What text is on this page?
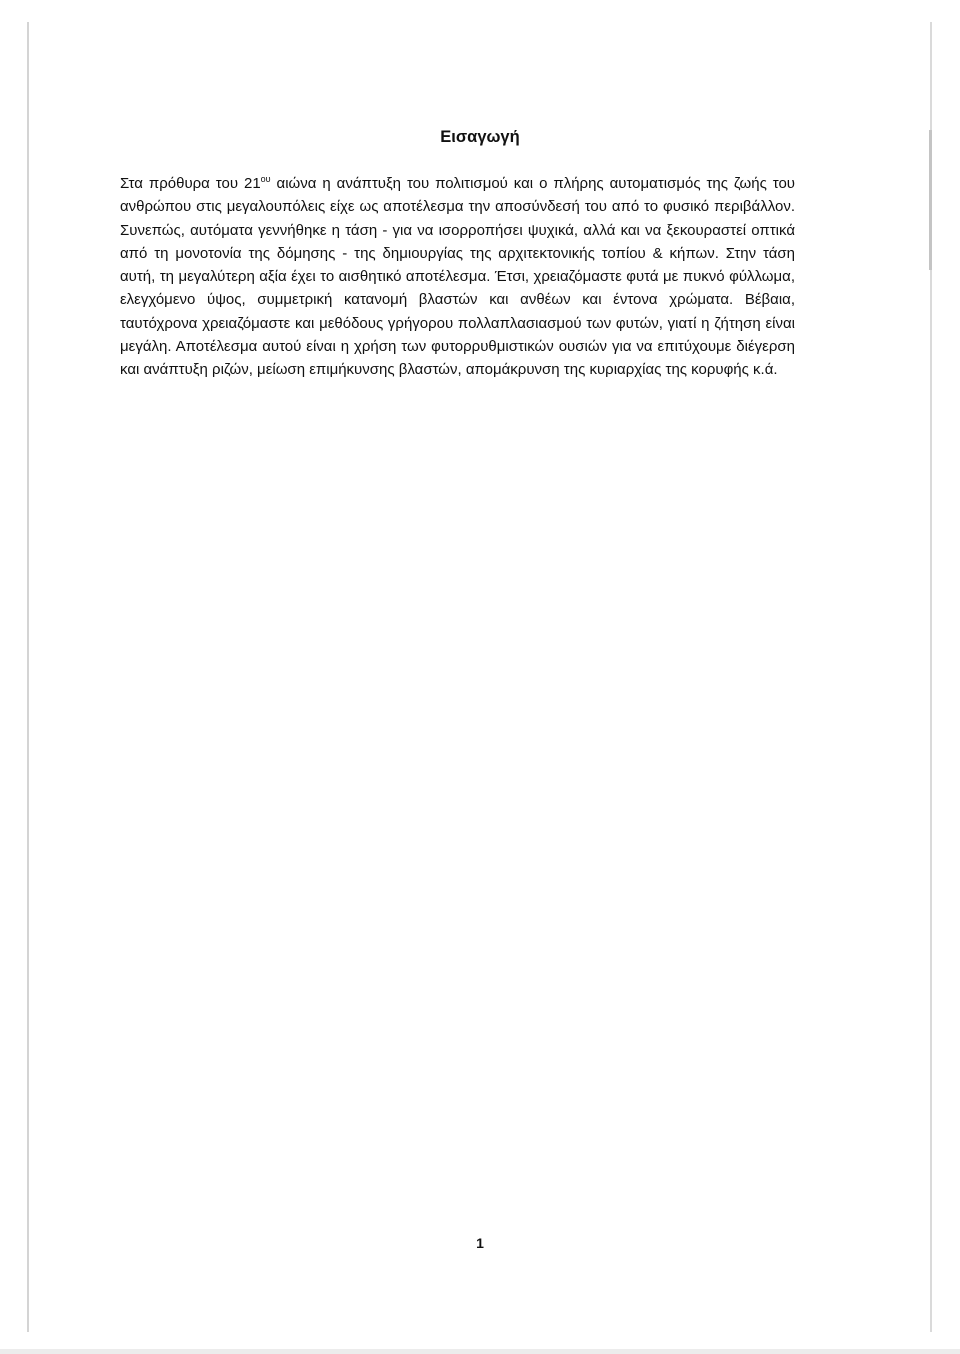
Εισαγωγή

Στα πρόθυρα του $21^{o\upsilon}$ αιώνα η ανάπτυξη του πολιτισμού και ο πλήρης αυτοματισμός της ζωής του ανθρώπου στις μεγαλουπόλεις είχε ως αποτέλεσμα την αποσύνδεσή του από το φυσικό περιβάλλον. Συνεπώς, αυτόματα γεννήθηκε η τάση - για να ισορροπήσει ψυχικά, αλλά και να ξεκουραστεί οπτικά από τη μονοτονία της δόμησης - της δημιουργίας της αρχιτεκτονικής τοπίου & κήπων. Στην τάση αυτή, τη μεγαλύτερη αξία έχει το αισθητικό αποτέλεσμα. Έτσι, χρειαζόμαστε φυτά με πυκνό φύλλωμα, ελεγχόμενο ύψος, συμμετρική κατανομή βλαστών και ανθέων και έντονα χρώματα. Βέβαια, ταυτόχρονα χρειαζόμαστε και μεθόδους γρήγορου πολλαπλασιασμού των φυτών, γιατί η ζήτηση είναι μεγάλη. Αποτέλεσμα αυτού είναι η χρήση των φυτορρυθμιστικών ουσιών για να επιτύχουμε διέγερση και ανάπτυξη ριζών, μείωση επιμήκυνσης βλαστών, απομάκρυνση της κυριαρχίας της κορυφής κ.ά.

1
